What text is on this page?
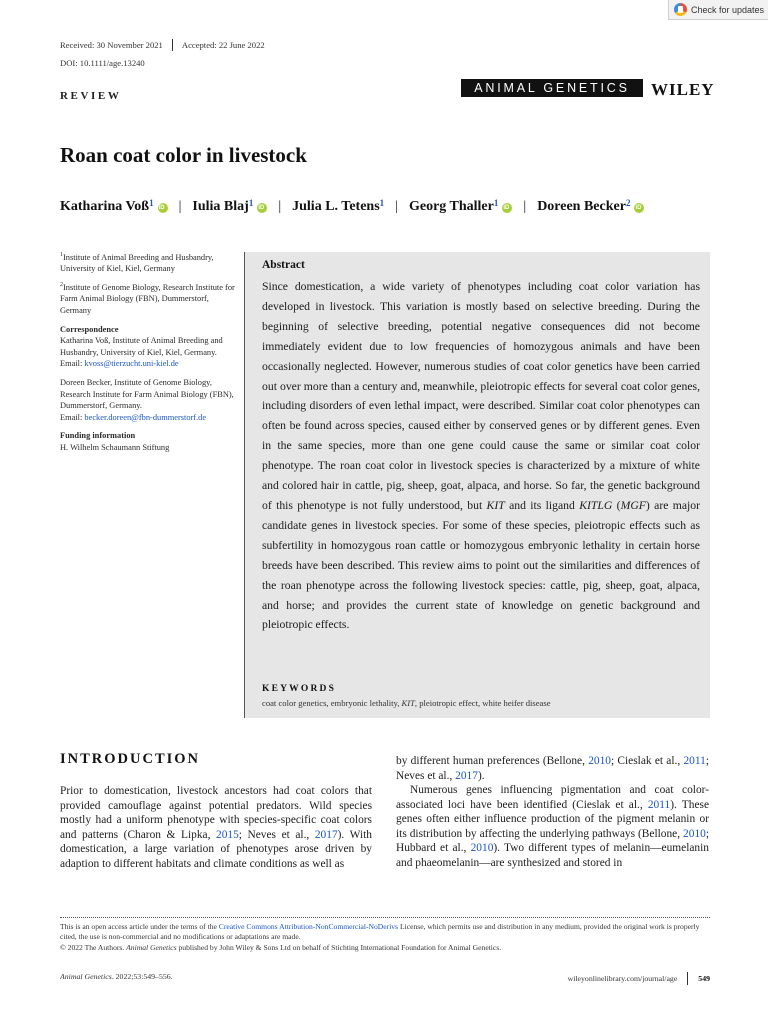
Check for updates
Received: 30 November 2021 Accepted: 22 June 2022
DOI: 10.1111/age.13240
REVIEW
ANIMAL GENETICS	WILEY
Roan coat color in livestock
Katharina Voß$^1$ iD | Iulia Blaj$^1$ iD | Julia L. Tetens$^1$ | Georg Thaller$^1$ iD | Doreen Becker$^2$
iD

$^1$Institute of Animal Breeding and Husbandry, University of Kiel, Kiel, Germany

$^2$Institute of Genome Biology, Research Institute for Farm Animal Biology (FBN), Dummerstorf, Germany

Correspondence
Katharina Voß, Institute of Animal Breeding and Husbandry, University of Kiel, Kiel, Germany.
Email: kvoss@tierzucht.uni-kiel.de
Doreen Becker, Institute of Genome Biology, Research Institute for Farm Animal Biology (FBN), Dummerstorf, Germany.
Email: becker.doreen@fbn-dummerstorf.de
Funding information
H. Wilhelm Schaumann Stiftung
Abstract
Since domestication, a wide variety of phenotypes including coat color variation has developed in livestock. This variation is mostly based on selective breeding. During the beginning of selective breeding, potential negative consequences did not become immediately evident due to low frequencies of homozygous animals and have been occasionally neglected. However, numerous studies of coat color genetics have been carried out over more than a century and, meanwhile, pleiotropic effects for several coat color genes, including disorders of even lethal impact, were described. Similar coat color phenotypes can often be found across species, caused either by conserved genes or by different genes. Even in the same species, more than one gene could cause the same or similar coat color phenotype. The roan coat color in livestock species is characterized by a mixture of white and colored hair in cattle, pig, sheep, goat, alpaca, and horse. So far, the genetic background of this phenotype is not fully understood, but KIT and its ligand KITLG (MGF) are major candidate genes in livestock species. For some of these species, pleiotropic effects such as subfertility in homozygous roan cattle or homozygous embryonic lethality in certain horse breeds have been described. This review aims to point out the similarities and differences of the roan phenotype across the following livestock species: cattle, pig, sheep, goat, alpaca, and horse; and provides the current state of knowledge on genetic background and pleiotropic effects.
KEYWORDS
coat color genetics, embryonic lethality, KIT, pleiotropic effect, white heifer disease
INTRODUCTION

Prior to domestication, livestock ancestors had coat colors that provided camouflage against potential predators. Wild species mostly had a uniform phenotype with species-specific coat colors and patterns (Charon & Lipka, 2015; Neves et al., 2017). With domestication, a large variation of phenotypes arose driven by adaption to different habitats and climate conditions as well as

by different human preferences (Bellone, 2010; Cieslak et al., 2011; Neves et al., 2017).

Numerous genes influencing pigmentation and coat color-associated loci have been identified (Cieslak et al., 2011). These genes often either influence production of the pigment melanin or its distribution by affecting the underlying pathways (Bellone, 2010; Hubbard et al., 2010). Two different types of melanin—eumelanin and phaeomelanin—are synthesized and stored in

This is an open access article under the terms of the Creative Commons Attribution-NonCommercial-NoDerivs License, which permits use and distribution in any medium, provided the original work is properly cited, the use is non-commercial and no modifications or adaptations are made.
© 2022 The Authors. Animal Genetics published by John Wiley & Sons Ltd on behalf of Stichting International Foundation for Animal Genetics.
Animal Genetics. 2022;53:549–556.	wileyonlinelibrary.com/journal/age	549
